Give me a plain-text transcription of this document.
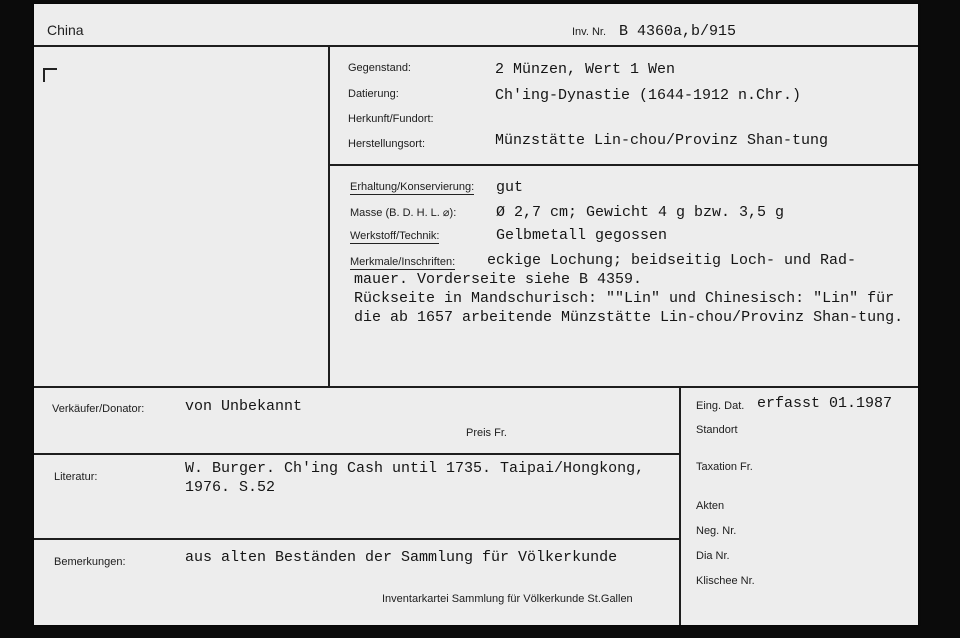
China	Inv. Nr. B 4360a,b/915
Gegenstand:	2 Münzen, Wert 1 Wen
Datierung:	Ch'ing-Dynastie (1644-1912 n.Chr.)
Herkunft/Fundort:
Herstellungsort:	Münzstätte Lin-chou/Provinz Shan-tung
Erhaltung/Konservierung: gut
Masse (B. D. H. L. ⌀):	Ø 2,7 cm; Gewicht 4 g bzw. 3,5 g
Werkstoff/Technik:	Gelbmetall gegossen
Merkmale/Inschriften: eckige Lochung; beidseitig Loch- und Rad-
mauer. Vorderseite siehe B 4359.
Rückseite in Mandschurisch: ""Lin" und Chinesisch: "Lin" für
die ab 1657 arbeitende Münzstätte Lin-chou/Provinz Shan-tung.
Verkäufer/Donator:	von Unbekannt
Preis Fr.
Literatur:	W. Burger. Ch'ing Cash until 1735. Taipai/Hongkong,
1976. S.52
Bemerkungen:	aus alten Beständen der Sammlung für Völkerkunde
Inventarkartei Sammlung für Völkerkunde St.Gallen
Eing. Dat. erfasst 01.1987
Standort
Taxation Fr.
Akten
Neg. Nr.
Dia Nr.
Klischee Nr.
